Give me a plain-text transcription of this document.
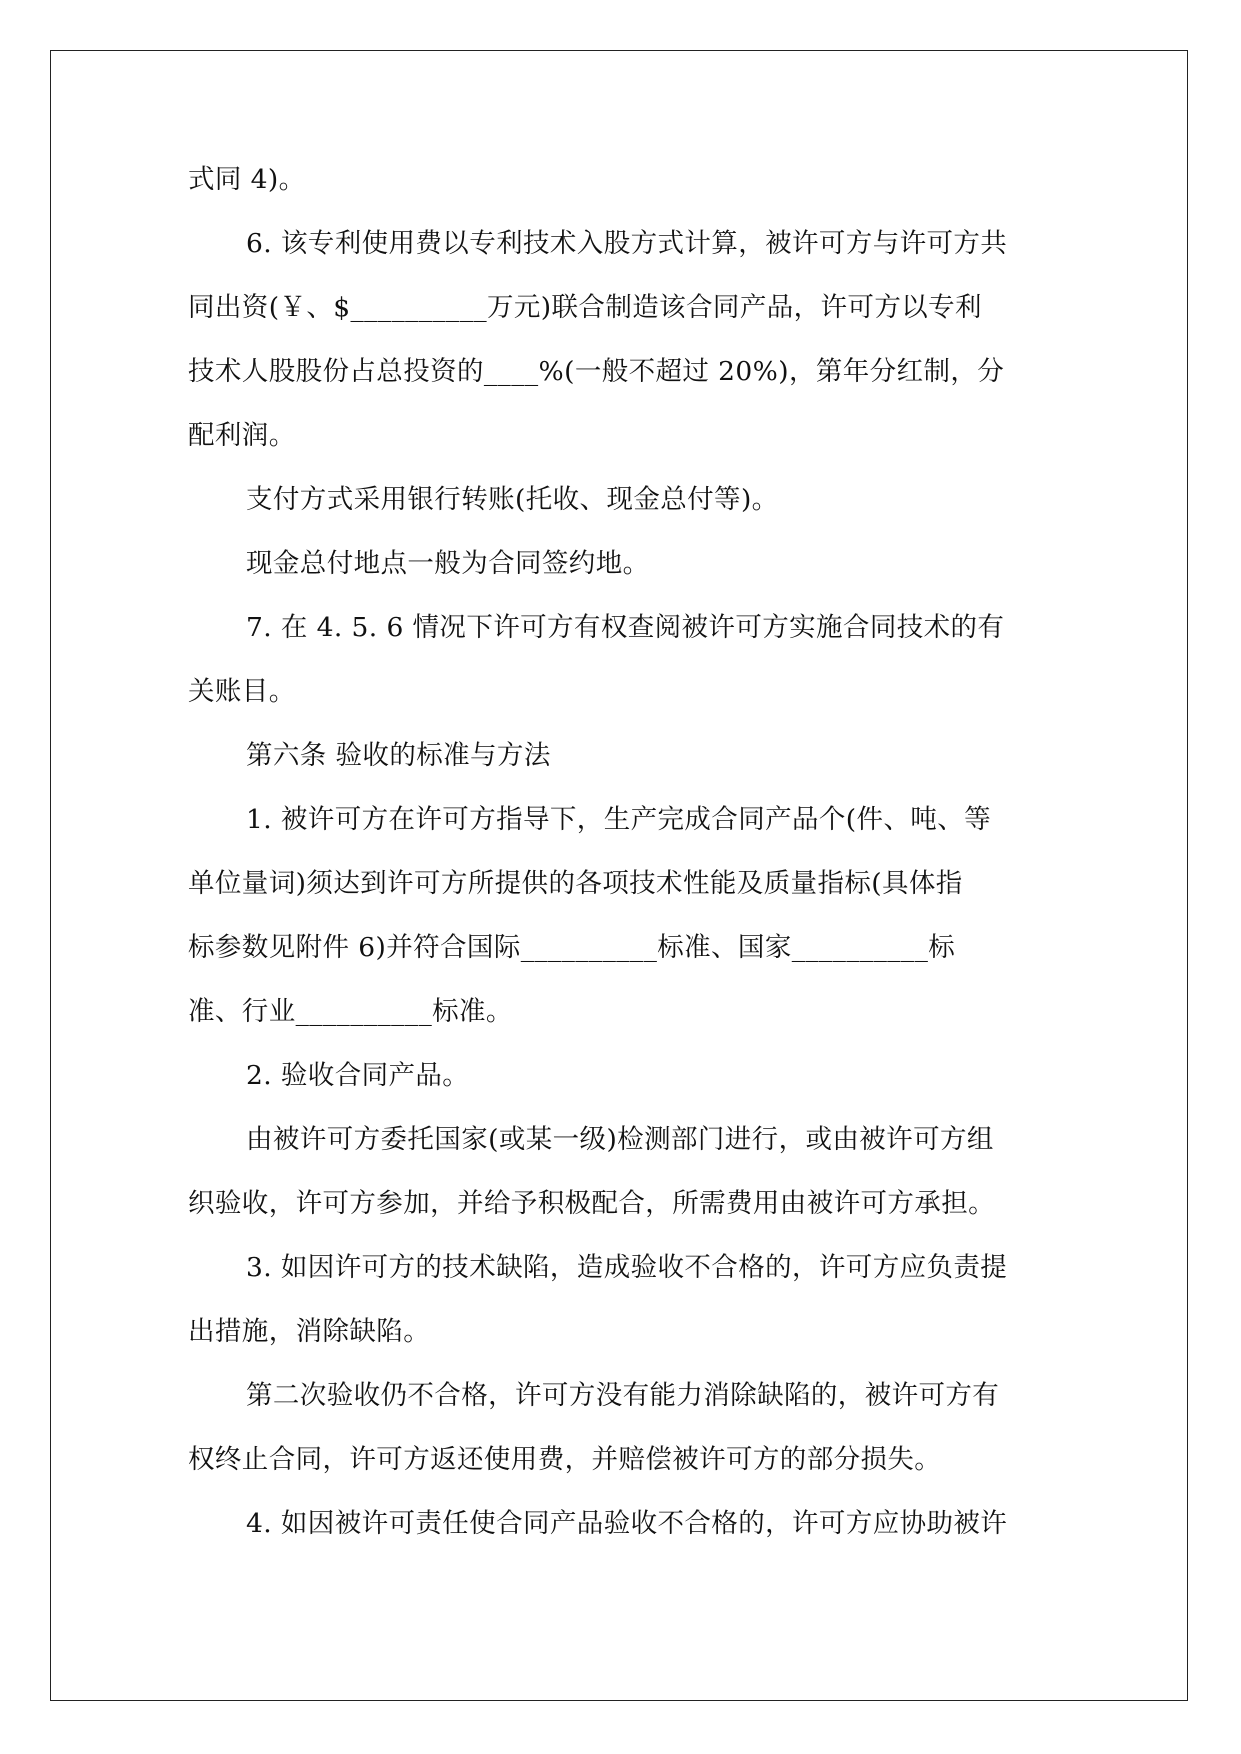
式同 4)。
6. 该专利使用费以专利技术入股方式计算，被许可方与许可方共
同出资(￥、$__________万元)联合制造该合同产品，许可方以专利
技术人股股份占总投资的____%(一般不超过 20%)，第年分红制，分
配利润。
支付方式采用银行转账(托收、现金总付等)。
现金总付地点一般为合同签约地。
7. 在 4. 5. 6 情况下许可方有权查阅被许可方实施合同技术的有
关账目。
第六条 验收的标准与方法
1. 被许可方在许可方指导下，生产完成合同产品个(件、吨、等
单位量词)须达到许可方所提供的各项技术性能及质量指标(具体指
标参数见附件 6)并符合国际__________标准、国家__________标
准、行业__________标准。
2. 验收合同产品。
由被许可方委托国家(或某一级)检测部门进行，或由被许可方组
织验收，许可方参加，并给予积极配合，所需费用由被许可方承担。
3. 如因许可方的技术缺陷，造成验收不合格的，许可方应负责提
出措施，消除缺陷。
第二次验收仍不合格，许可方没有能力消除缺陷的，被许可方有
权终止合同，许可方返还使用费，并赔偿被许可方的部分损失。
4. 如因被许可责任使合同产品验收不合格的，许可方应协助被许
